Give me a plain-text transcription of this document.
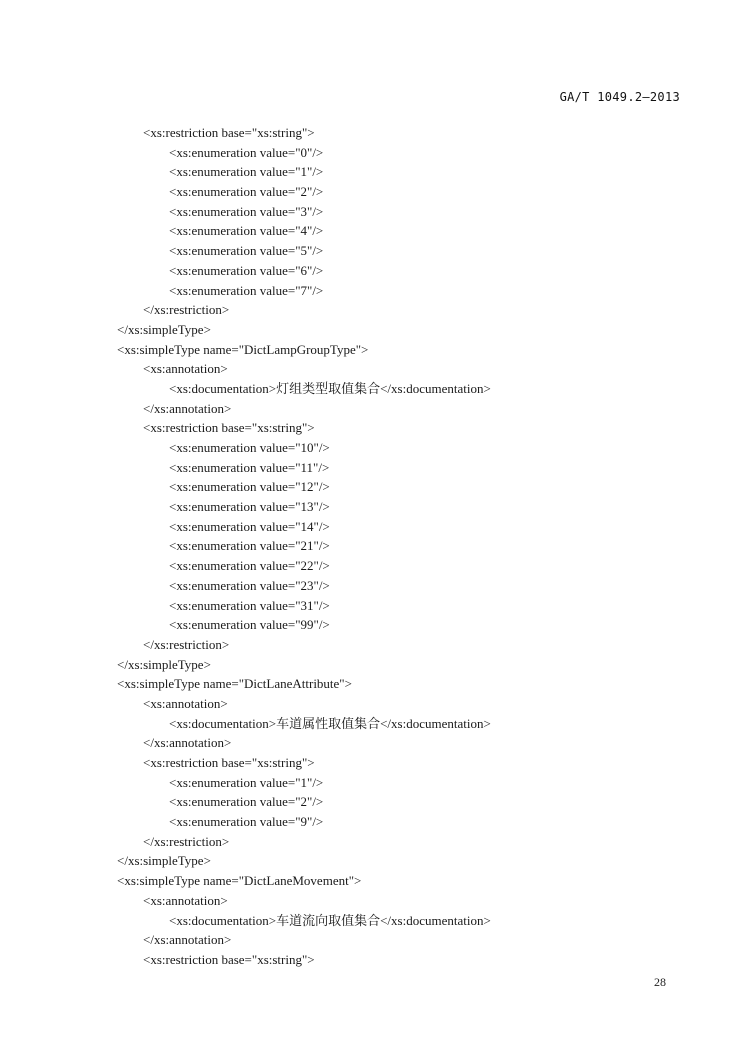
GA/T 1049.2—2013
<xs:restriction base="xs:string">
<xs:enumeration value="0"/>
<xs:enumeration value="1"/>
<xs:enumeration value="2"/>
<xs:enumeration value="3"/>
<xs:enumeration value="4"/>
<xs:enumeration value="5"/>
<xs:enumeration value="6"/>
<xs:enumeration value="7"/>
</xs:restriction>
</xs:simpleType>
<xs:simpleType name="DictLampGroupType">
<xs:annotation>
<xs:documentation>灯组类型取值集合</xs:documentation>
</xs:annotation>
<xs:restriction base="xs:string">
<xs:enumeration value="10"/>
<xs:enumeration value="11"/>
<xs:enumeration value="12"/>
<xs:enumeration value="13"/>
<xs:enumeration value="14"/>
<xs:enumeration value="21"/>
<xs:enumeration value="22"/>
<xs:enumeration value="23"/>
<xs:enumeration value="31"/>
<xs:enumeration value="99"/>
</xs:restriction>
</xs:simpleType>
<xs:simpleType name="DictLaneAttribute">
<xs:annotation>
<xs:documentation>车道属性取值集合</xs:documentation>
</xs:annotation>
<xs:restriction base="xs:string">
<xs:enumeration value="1"/>
<xs:enumeration value="2"/>
<xs:enumeration value="9"/>
</xs:restriction>
</xs:simpleType>
<xs:simpleType name="DictLaneMovement">
<xs:annotation>
<xs:documentation>车道流向取值集合</xs:documentation>
</xs:annotation>
<xs:restriction base="xs:string">
28
